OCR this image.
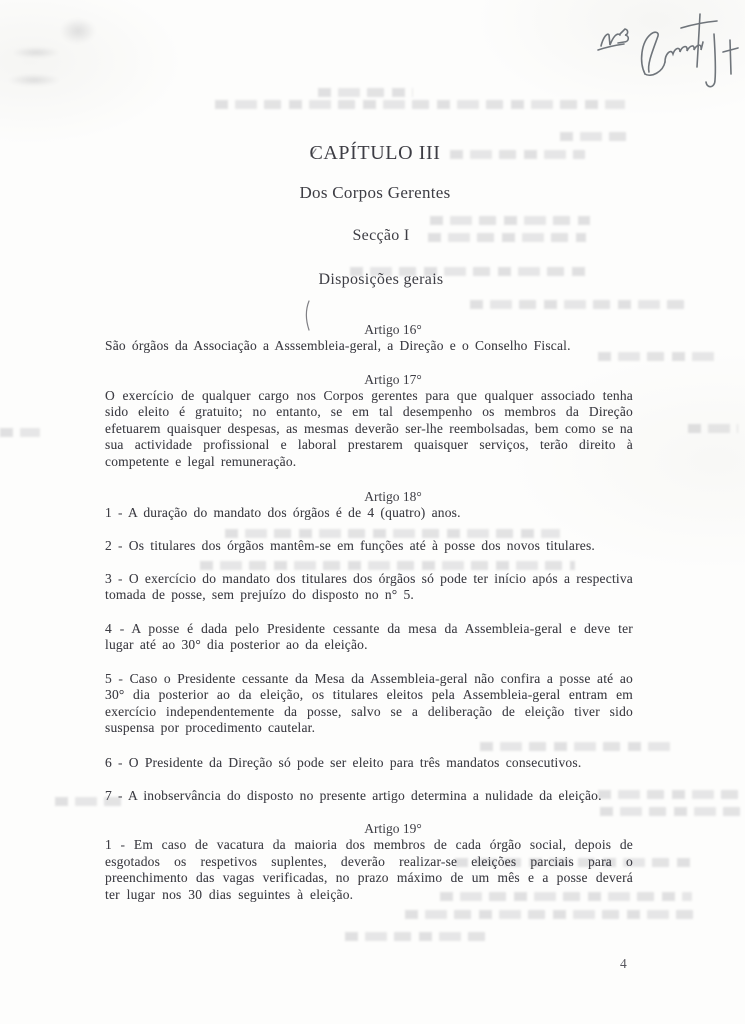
CAPÍTULO III
Dos Corpos Gerentes
Secção I
Disposições gerais
Artigo 16°

São órgãos da Associação a Asssembleia-geral, a Direção e o Conselho Fiscal.

Artigo 17°

O exercício de qualquer cargo nos Corpos gerentes para que qualquer associado tenha sido eleito é gratuito; no entanto, se em tal desempenho os membros da Direção efetuarem quaisquer despesas, as mesmas deverão ser-lhe reembolsadas, bem como se na sua actividade profissional e laboral prestarem quaisquer serviços, terão direito à competente e legal remuneração.

Artigo 18°

1 - A duração do mandato dos órgãos é de 4 (quatro) anos.

2 - Os titulares dos órgãos mantêm-se em funções até à posse dos novos titulares.

3 - O exercício do mandato dos titulares dos órgãos só pode ter início após a respectiva tomada de posse, sem prejuízo do disposto no n° 5.

4 - A posse é dada pelo Presidente cessante da mesa da Assembleia-geral e deve ter lugar até ao 30° dia posterior ao da eleição.

5 - Caso o Presidente cessante da Mesa da Assembleia-geral não confira a posse até ao 30° dia posterior ao da eleição, os titulares eleitos pela Assembleia-geral entram em exercício independentemente da posse, salvo se a deliberação de eleição tiver sido suspensa por procedimento cautelar.

6 - O Presidente da Direção só pode ser eleito para três mandatos consecutivos.

7 - A inobservância do disposto no presente artigo determina a nulidade da eleição.

Artigo 19°

1 - Em caso de vacatura da maioria dos membros de cada órgão social, depois de esgotados os respetivos suplentes, deverão realizar-se eleições parciais para o preenchimento das vagas verificadas, no prazo máximo de um mês e a posse deverá ter lugar nos 30 dias seguintes à eleição.

4
